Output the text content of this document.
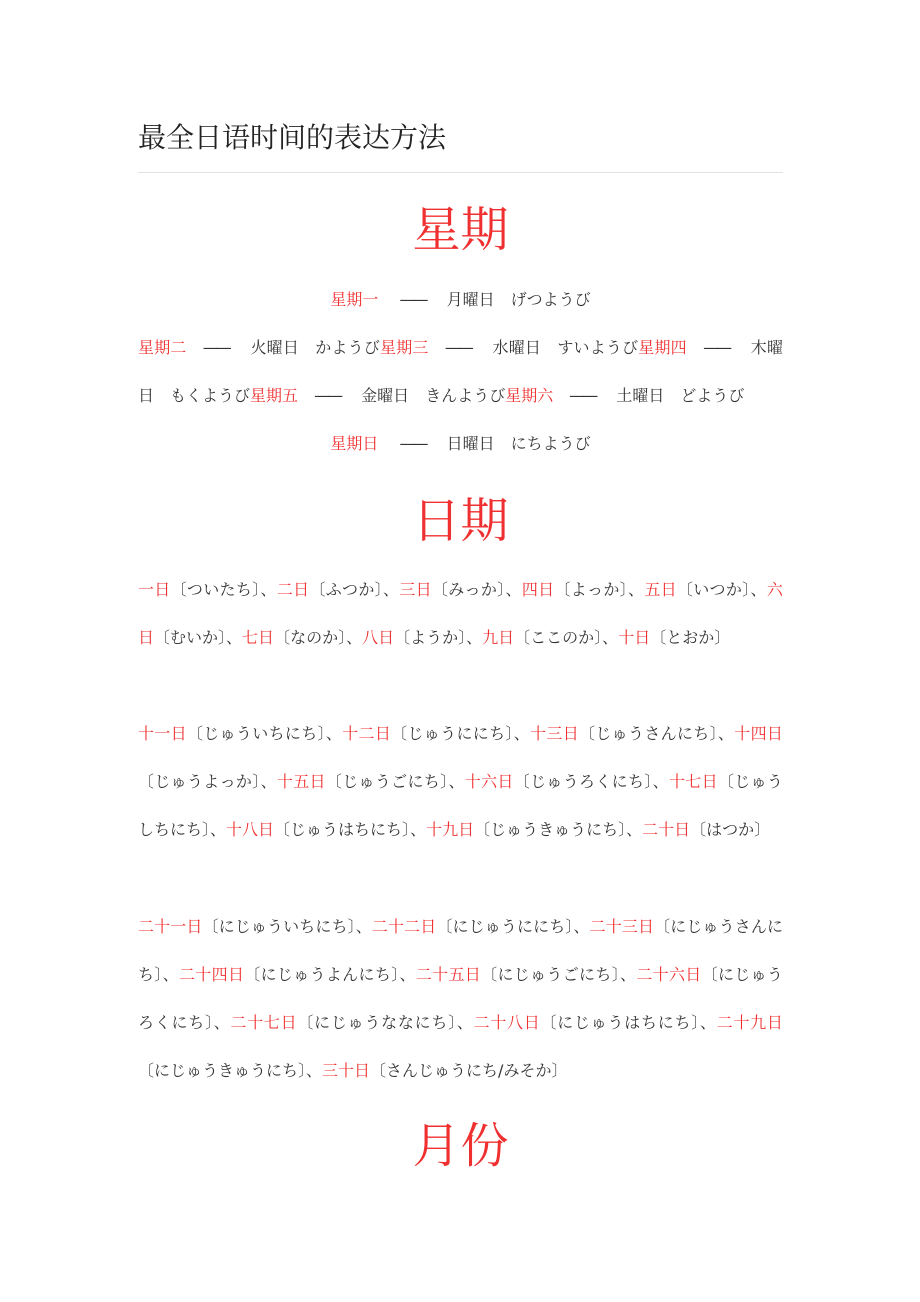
最全日语时间的表达方法
星期

星期一　 ——　 月曜日　 げつようび

星期二　 ——　 火曜日　 かようび星期三　 ——　 水曜日　 すいようび星期四　 ——　 木曜日　 もくようび星期五　 ——　 金曜日　 きんようび星期六　 ——　 土曜日　 どようび

星期日　 ——　 日曜日　 にちようび

日期

一日〔ついたち〕、二日〔ふつか〕、三日〔みっか〕、四日〔よっか〕、五日〔いつか〕、六日〔むいか〕、七日〔なのか〕、八日〔ようか〕、九日〔ここのか〕、十日〔とおか〕

十一日〔じゅういちにち〕、十二日〔じゅうににち〕、十三日〔じゅうさんにち〕、十四日〔じゅうよっか〕、十五日〔じゅうごにち〕、十六日〔じゅうろくにち〕、十七日〔じゅうしちにち〕、十八日〔じゅうはちにち〕、十九日〔じゅうきゅうにち〕、二十日〔はつか〕

二十一日〔にじゅういちにち〕、二十二日〔にじゅうににち〕、二十三日〔にじゅうさんにち〕、二十四日〔にじゅうよんにち〕、二十五日〔にじゅうごにち〕、二十六日〔にじゅうろくにち〕、二十七日〔にじゅうななにち〕、二十八日〔にじゅうはちにち〕、二十九日〔にじゅうきゅうにち〕、三十日〔さんじゅうにち/みそか〕

月份
